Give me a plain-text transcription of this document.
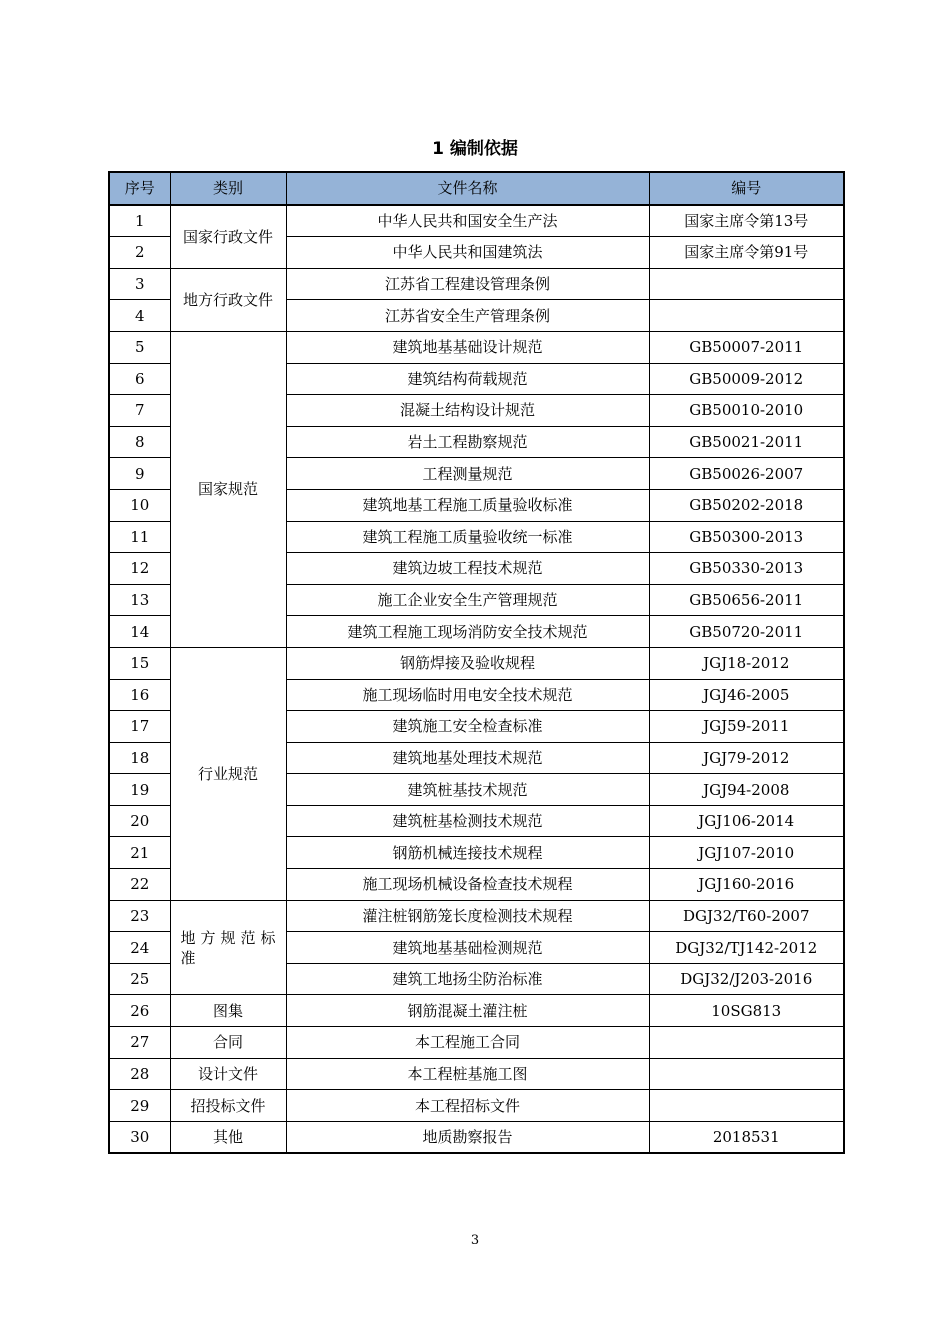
1 编制依据
序号	类别	文件名称	编号
1	国家行政文件	中华人民共和国安全生产法	国家主席令第13号
2		中华人民共和国建筑法	国家主席令第91号
3	地方行政文件	江苏省工程建设管理条例	
4		江苏省安全生产管理条例	
5	国家规范	建筑地基基础设计规范	GB50007-2011
6		建筑结构荷载规范	GB50009-2012
7		混凝土结构设计规范	GB50010-2010
8		岩土工程勘察规范	GB50021-2011
9		工程测量规范	GB50026-2007
10		建筑地基工程施工质量验收标准	GB50202-2018
11		建筑工程施工质量验收统一标准	GB50300-2013
12		建筑边坡工程技术规范	GB50330-2013
13		施工企业安全生产管理规范	GB50656-2011
14		建筑工程施工现场消防安全技术规范	GB50720-2011
15	行业规范	钢筋焊接及验收规程	JGJ18-2012
16		施工现场临时用电安全技术规范	JGJ46-2005
17		建筑施工安全检查标准	JGJ59-2011
18		建筑地基处理技术规范	JGJ79-2012
19		建筑桩基技术规范	JGJ94-2008
20		建筑桩基检测技术规范	JGJ106-2014
21		钢筋机械连接技术规程	JGJ107-2010
22		施工现场机械设备检查技术规程	JGJ160-2016
23	地 方 规 范 标 准	灌注桩钢筋笼长度检测技术规程	DGJ32/T60-2007
24		建筑地基基础检测规范	DGJ32/TJ142-2012
25		建筑工地扬尘防治标准	DGJ32/J203-2016
26	图集	钢筋混凝土灌注桩	10SG813
27	合同	本工程施工合同	
28	设计文件	本工程桩基施工图	
29	招投标文件	本工程招标文件	
30	其他	地质勘察报告	2018531
3
